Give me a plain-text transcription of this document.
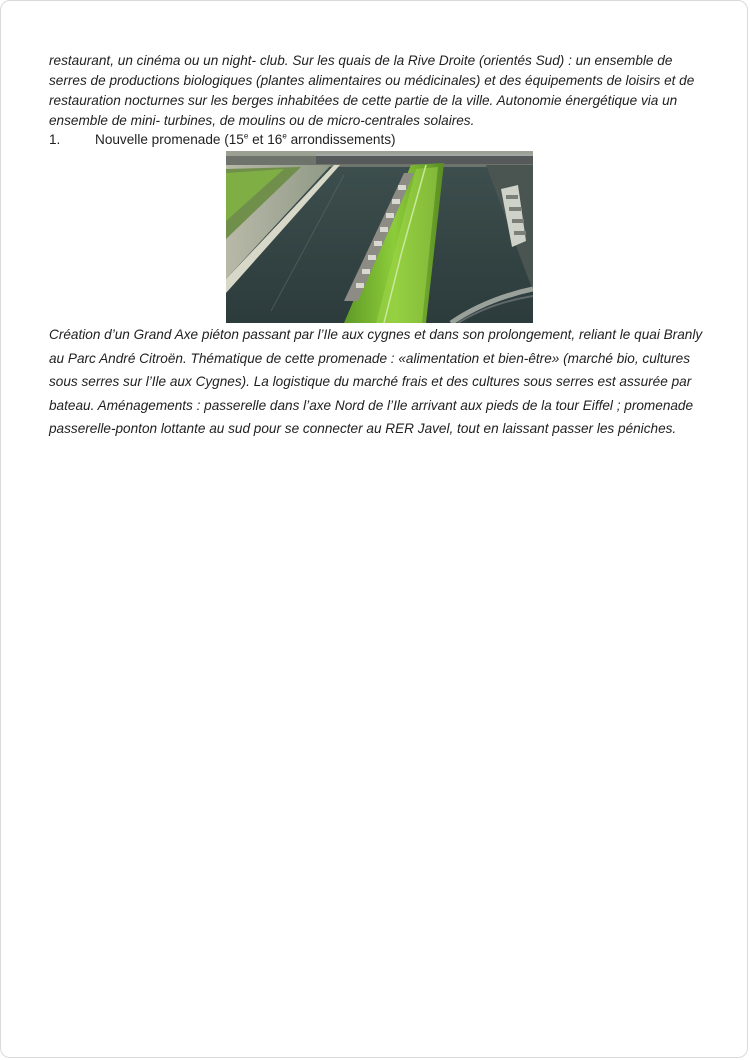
restaurant, un cinéma ou un night- club. Sur les quais de la Rive Droite (orientés Sud) : un ensemble de serres de productions biologiques (plantes alimentaires ou médicinales) et des équipements de loisirs et de restauration nocturnes sur les berges inhabitées de cette partie de la ville. Autonomie énergétique via un ensemble de mini- turbines, de moulins ou de micro-centrales solaires.

1.	Nouvelle promenade (15e et 16e arrondissements)

Création d’un Grand Axe piéton passant par l’Ile aux cygnes et dans son prolongement, reliant le quai Branly au Parc André Citroën. Thématique de cette promenade : «alimentation et bien-être» (marché bio, cultures sous serres sur l’Ile aux Cygnes). La logistique du marché frais et des cultures sous serres est assurée par bateau. Aménagements : passerelle dans l’axe Nord de l’Ile arrivant aux pieds de la tour Eiffel ; promenade passerelle-ponton lottante au sud pour se connecter au RER Javel, tout en laissant passer les péniches.
